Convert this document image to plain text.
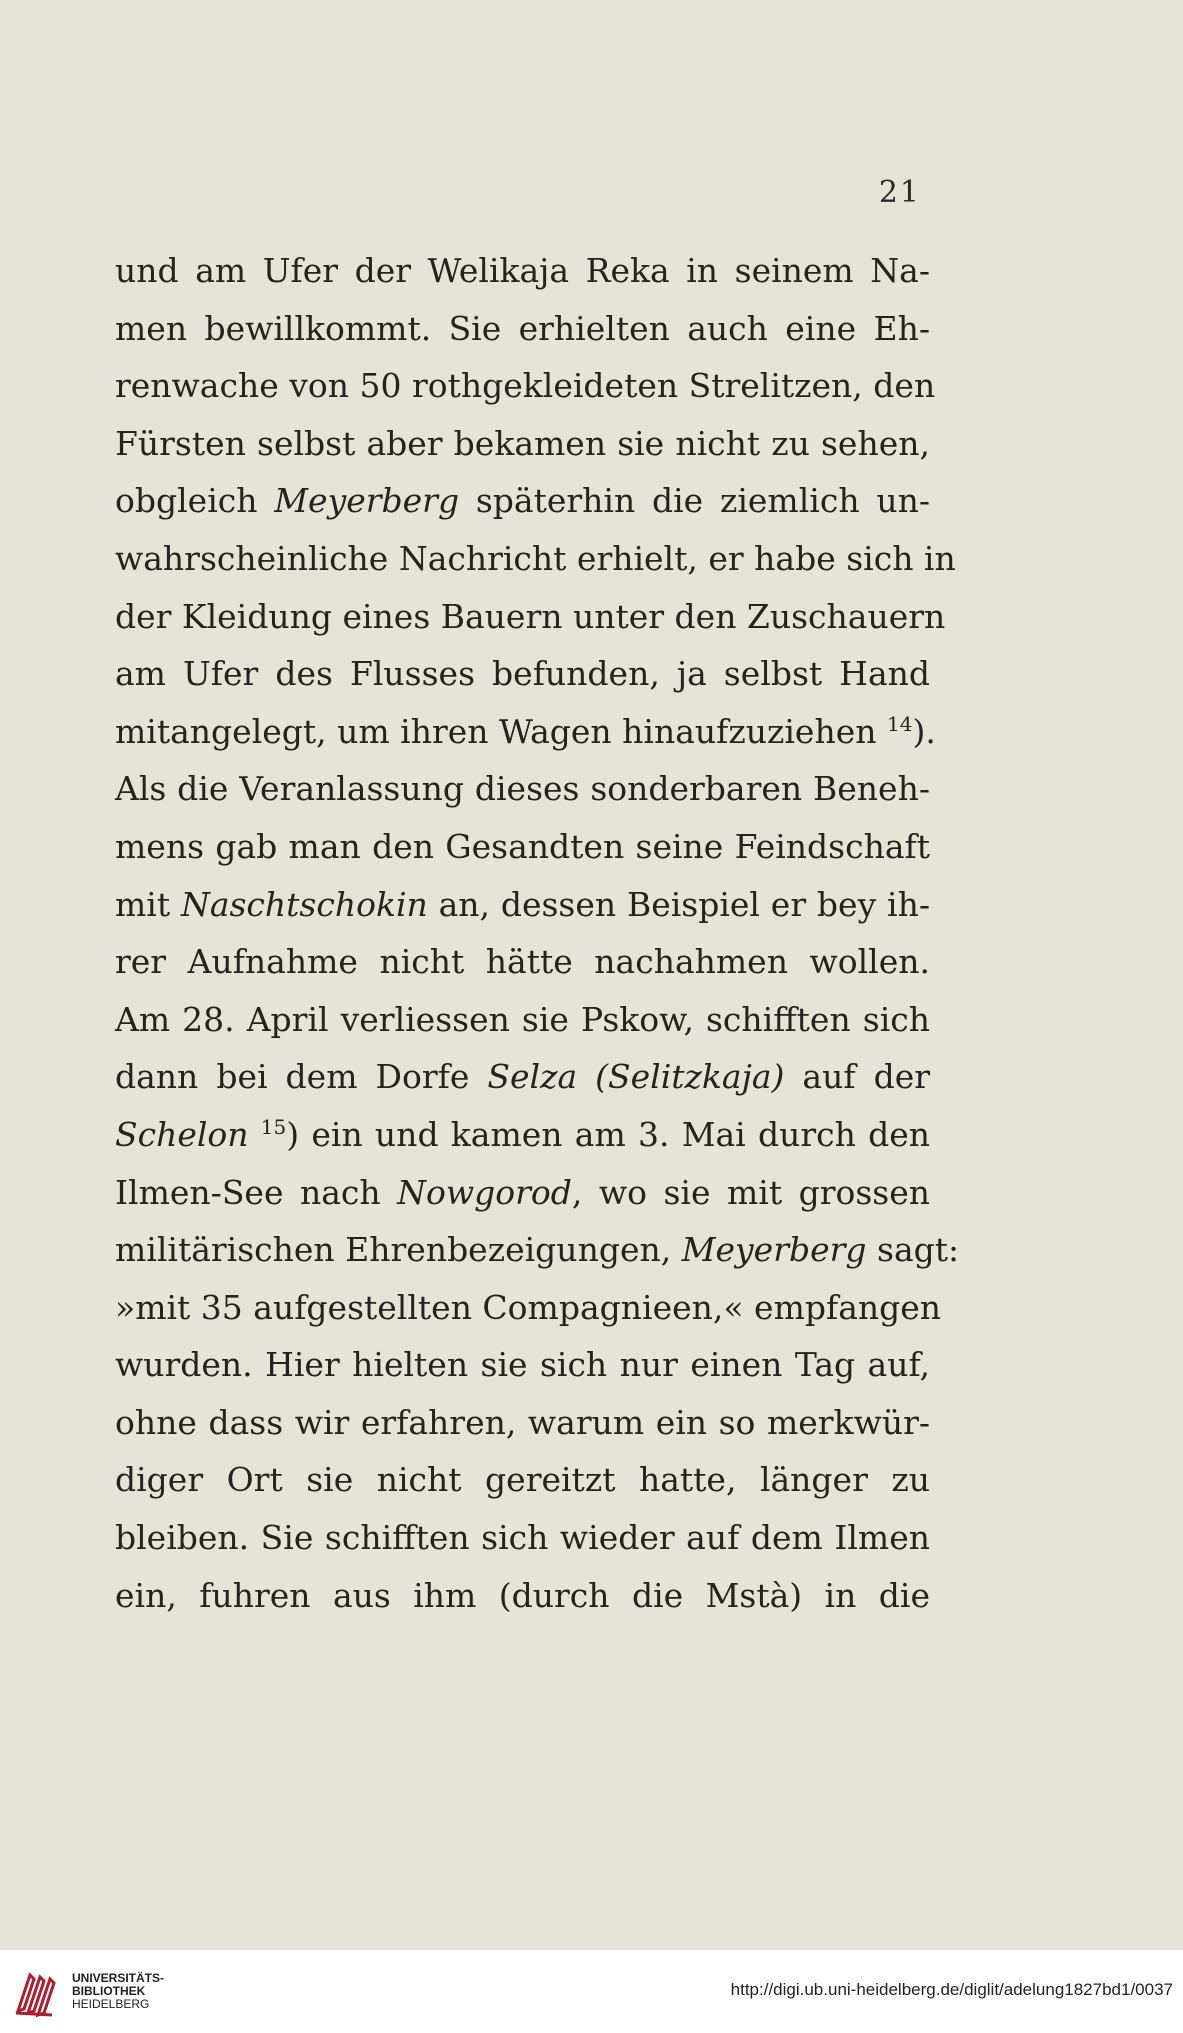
21
und am Ufer der Welikaja Reka in seinem Na-
men bewillkommt. Sie erhielten auch eine Eh-
renwache von 50 rothgekleideten Strelitzen, den
Fürsten selbst aber bekamen sie nicht zu sehen,
obgleich Meyerberg späterhin die ziemlich un-
wahrscheinliche Nachricht erhielt, er habe sich in
der Kleidung eines Bauern unter den Zuschauern
am Ufer des Flusses befunden, ja selbst Hand
mitangelegt, um ihren Wagen hinaufzuziehen $^{14}$).
Als die Veranlassung dieses sonderbaren Beneh-
mens gab man den Gesandten seine Feindschaft
mit Naschtschokin an, dessen Beispiel er bey ih-
rer Aufnahme nicht hätte nachahmen wollen.
Am 28. April verliessen sie Pskow, schifften sich
dann bei dem Dorfe Selza (Selitzkaja) auf der
Schelon $^{15}$) ein und kamen am 3. Mai durch den
Ilmen-See nach Nowgorod, wo sie mit grossen
militärischen Ehrenbezeigungen, Meyerberg sagt:
»mit 35 aufgestellten Compagnieen,« empfangen
wurden. Hier hielten sie sich nur einen Tag auf,
ohne dass wir erfahren, warum ein so merkwür-
diger Ort sie nicht gereitzt hatte, länger zu
bleiben. Sie schifften sich wieder auf dem Ilmen
ein, fuhren aus ihm (durch die Mstà) in die
UNIVERSITÄTS-
BIBLIOTHEK
HEIDELBERG
http://digi.ub.uni-heidelberg.de/diglit/adelung1827bd1/0037
